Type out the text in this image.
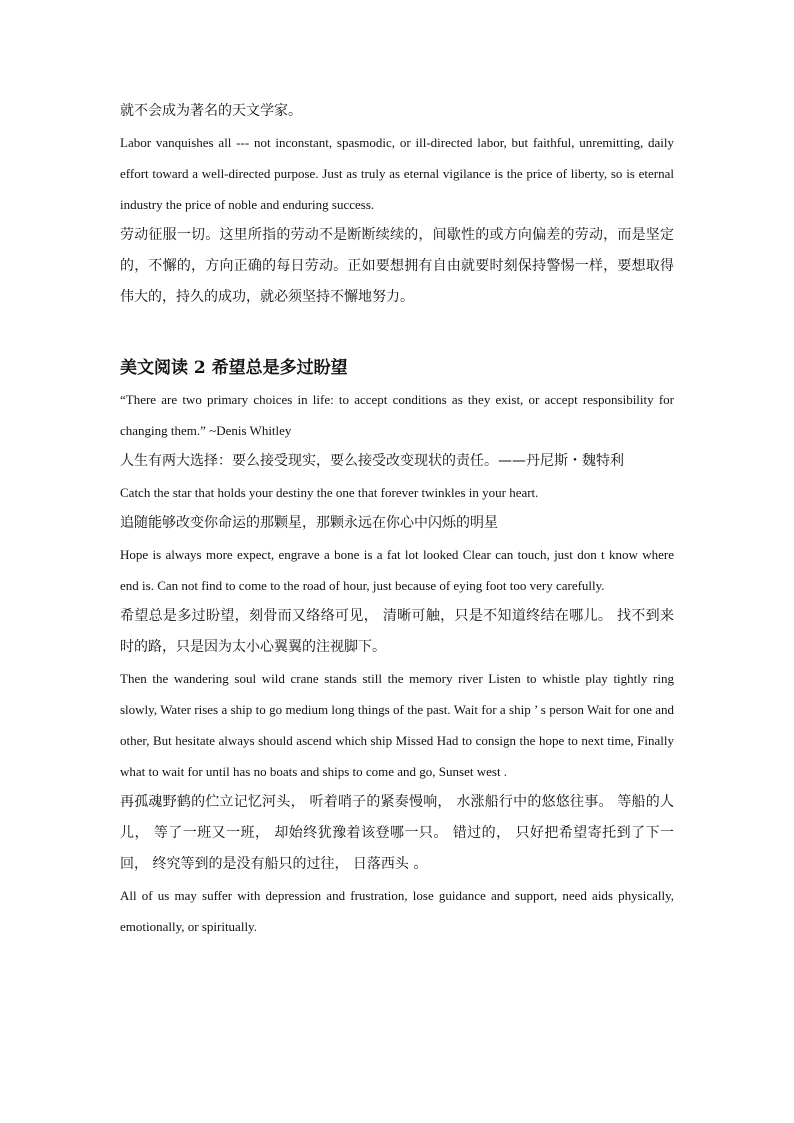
就不会成为著名的天文学家。

Labor vanquishes all --- not inconstant, spasmodic, or ill-directed labor, but faithful, unremitting, daily effort toward a well-directed purpose. Just as truly as eternal vigilance is the price of liberty, so is eternal industry the price of noble and enduring success.

劳动征服一切。这里所指的劳动不是断断续续的，间歇性的或方向偏差的劳动，而是坚定的，不懈的，方向正确的每日劳动。正如要想拥有自由就要时刻保持警惕一样，要想取得伟大的，持久的成功，就必须坚持不懈地努力。

美文阅读 2 希望总是多过盼望

“There are two primary choices in life: to accept conditions as they exist, or accept responsibility for changing them.” ~Denis Whitley

人生有两大选择：要么接受现实，要么接受改变现状的责任。——丹尼斯・魏特利

Catch the star that holds your destiny the one that forever twinkles in your heart.

追随能够改变你命运的那颗星，那颗永远在你心中闪烁的明星

Hope is always more expect, engrave a bone is a fat lot looked Clear can touch, just don t know where end is. Can not find to come to the road of hour, just because of eying foot too very carefully.

希望总是多过盼望，刻骨而又络络可见， 清晰可触，只是不知道终结在哪儿。 找不到来时的路，只是因为太小心翼翼的注视脚下。

Then the wandering soul wild crane stands still the memory river Listen to whistle play tightly ring slowly, Water rises a ship to go medium long things of the past. Wait for a ship ’ s person Wait for one and other, But hesitate always should ascend which ship Missed Had to consign the hope to next time, Finally what to wait for until has no boats and ships to come and go, Sunset west .

再孤魂野鹤的伫立记忆河头， 听着哨子的紧奏慢响， 水涨船行中的悠悠往事。 等船的人儿， 等了一班又一班， 却始终犹豫着该登哪一只。 错过的， 只好把希望寄托到了下一回， 终究等到的是没有船只的过往， 日落西头 。

All of us may suffer with depression and frustration, lose guidance and support, need aids physically, emotionally, or spiritually.
